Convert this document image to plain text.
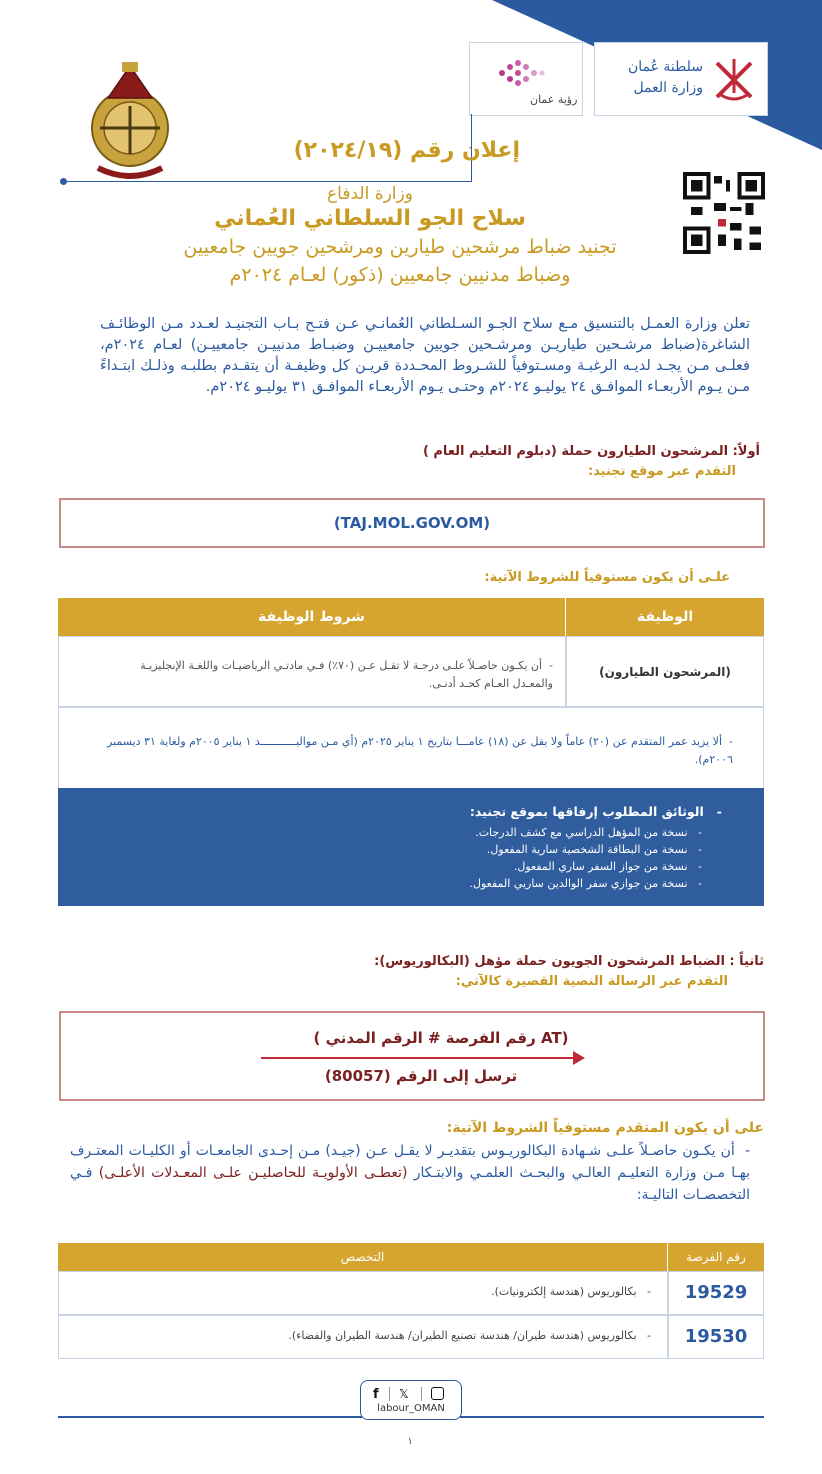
سلطنة عُمان
وزارة العمل
رؤية عمان
إعلان رقم (٢٠٢٤/١٩)
وزارة الدفاع
سلاح الجو السلطاني العُماني
تجنيد ضباط مرشحين طيارين ومرشحين جويين جامعيين
وضباط مدنيين جامعيين (ذكور) لعـام ٢٠٢٤م
تعلن وزارة العمـل بالتنسيق مـع سلاح الجـو السـلطاني العُمانـي عـن فتـح بـاب التجنيـد لعـدد مـن الوظائـف الشاغرة(ضباط مرشـحين طياريـن ومرشـحين جويين جامعييـن وضبـاط مدنييـن جامعييـن) لعـام ٢٠٢٤م، فعلـى مـن يجـد لديـه الرغبـة ومسـتوفياً للشـروط المحـددة قريـن كل وظيفـة أن يتقـدم بطلبـه وذلـك ابتـداءً مـن يـوم الأربعـاء الموافـق ٢٤ يوليـو ٢٠٢٤م وحتـى يـوم الأربعـاء الموافـق ٣١ يوليـو ٢٠٢٤م.
أولاً: المرشحون الطيارون حملة (دبلوم التعليم العام )
التقدم عبر موقع تجنيد:
(TAJ.MOL.GOV.OM)
علـى أن يكون مستوفياً للشروط الآتية:
الوظيفة
شروط الوظيفة
(المرشحون الطيارون)
-  أن يكـون حاصـلاً علـى درجـة لا تقـل عـن (٧٠٪) فـي مادتـي الرياضيـات واللغـة الإنجليزيـة والمعـدل العـام كحـد أدنـى.
-  ألا يزيد عمر المتقدم عن (٢٠) عاماً ولا يقل عن (١٨) عامـــا بتاريخ ١ يناير ٢٠٢٥م (أي مـن مواليـــــــــــد ١ يناير ٢٠٠٥م ولغاية ٣١ ديسمبر ٢٠٠٦م).
-   الوثائق المطلوب إرفاقها بموقع تجنيد:
-   نسخة من المؤهل الدراسي مع كشف الدرجات.
-   نسخة من البطاقة الشخصية سارية المفعول.
-   نسخة من جواز السفر ساري المفعول.
-   نسخة من جوازي سفر الوالدين ساريي المفعول.
ثانياً : الضباط المرشحون الجويون حملة مؤهل (البكالوريوس):
التقدم عبر الرسالة النصية القصيرة كالآتي:
( رقم الفرصة # الرقم المدني AT)
ترسل إلى الرقم (80057)
على أن يكون المتقدم مستوفياً الشروط الآتية:
-  أن يكـون حاصـلاً علـى شـهادة البكالوريـوس بتقديـر لا يقـل عـن (جيـد) مـن إحـدى الجامعـات أو الكليـات المعتـرف بهـا مـن وزارة التعليـم العالـي والبحـث العلمـي والابتـكار (تعطـى الأولويـة للحاصليـن علـى المعـدلات الأعلـى) فـي التخصصـات التاليـة:
رقم الفرصة
التخصص
19529
-   بكالوريوس (هندسة إلكترونيات).
19530
-   بكالوريوس (هندسة طيران/ هندسة تصنيع الطيران/ هندسة الطيران والفضاء).
f 𝕏
labour_OMAN
١
